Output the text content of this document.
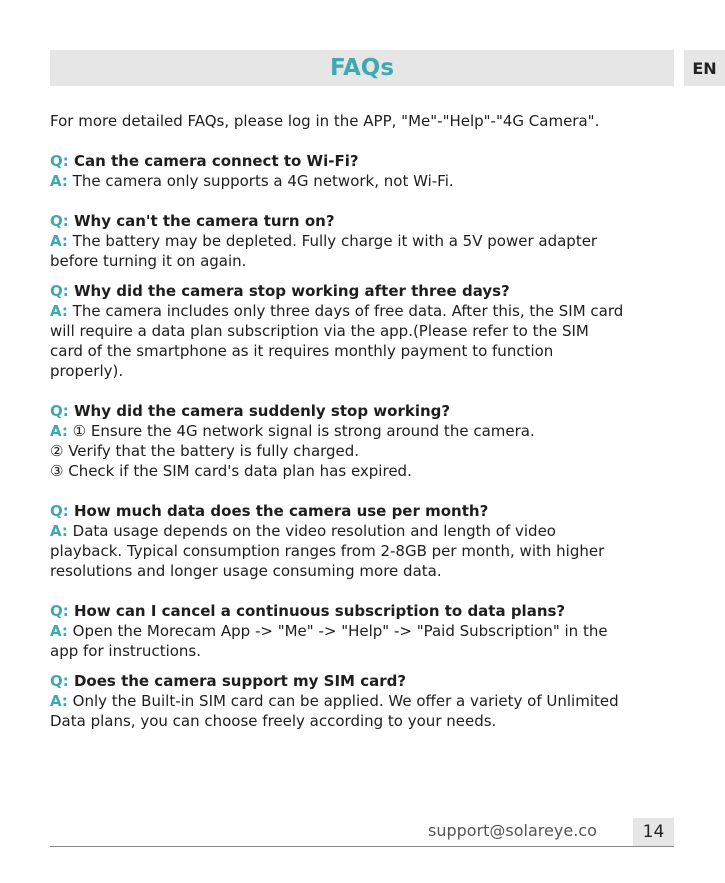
FAQs	EN

For more detailed FAQs, please log in the APP, "Me"-"Help"-"4G Camera".

Q: Can the camera connect to Wi-Fi?
A: The camera only supports a 4G network, not Wi-Fi.
Q: Why can't the camera turn on?
A: The battery may be depleted. Fully charge it with a 5V power adapter
before turning it on again.
Q: Why did the camera stop working after three days?
A: The camera includes only three days of free data. After this, the SIM card
will require a data plan subscription via the app.(Please refer to the SIM
card of the smartphone as it requires monthly payment to function
properly).
Q: Why did the camera suddenly stop working?
A: ① Ensure the 4G network signal is strong around the camera.
② Verify that the battery is fully charged.
③ Check if the SIM card's data plan has expired.
Q: How much data does the camera use per month?
A: Data usage depends on the video resolution and length of video
playback. Typical consumption ranges from 2-8GB per month, with higher
resolutions and longer usage consuming more data.
Q: How can I cancel a continuous subscription to data plans?
A: Open the Morecam App -> "Me" -> "Help" -> "Paid Subscription" in the
app for instructions.
Q: Does the camera support my SIM card?
A: Only the Built-in SIM card can be applied. We offer a variety of Unlimited
Data plans, you can choose freely according to your needs.
support@solareye.co	14
